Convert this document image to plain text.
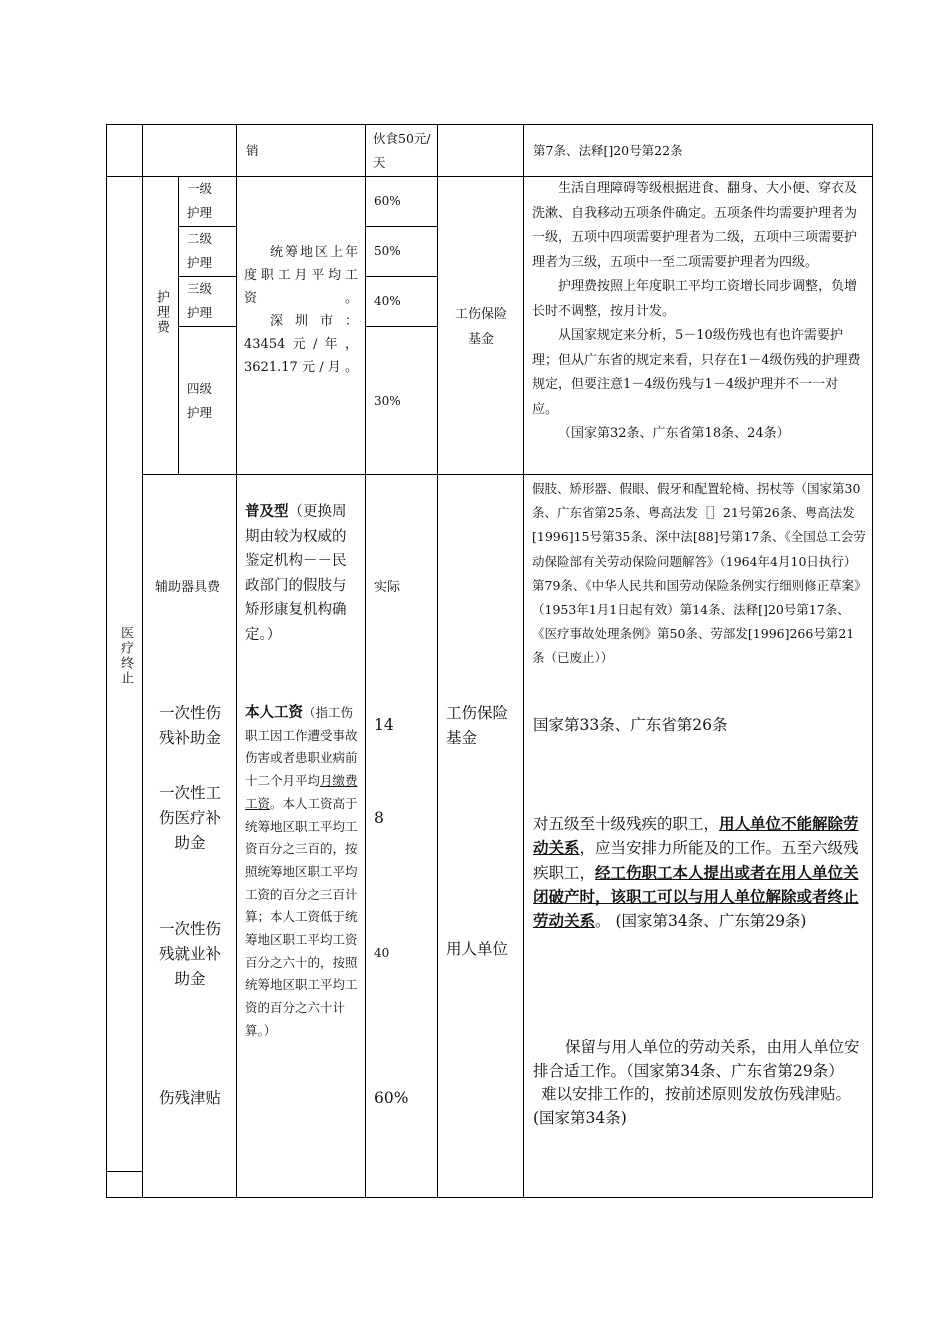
销
伙食50元/天
第7条、法释[]20号第22条
医疗终止
护理费
一级护理
二级护理
三级护理
四级护理

统筹地区上年度职工月平均工资。

深圳市：43454元/年，3621.17元/月。

60%
50%
40%
30%
工伤保险基金

生活自理障碍等级根据进食、翻身、大小便、穿衣及洗漱、自我移动五项条件确定。五项条件均需要护理者为一级，五项中四项需要护理者为二级，五项中三项需要护理者为三级，五项中一至二项需要护理者为四级。

护理费按照上年度职工平均工资增长同步调整，负增长时不调整，按月计发。

从国家规定来分析，5－10级伤残也有也许需要护理；但从广东省的规定来看，只存在1－4级伤残的护理费规定，但要注意1－4级伤残与1－4级护理并不一一对应。

（国家第32条、广东省第18条、24条）

辅助器具费
普及型（更换周期由较为权威的鉴定机构－－民政部门的假肢与矫形康复机构确定。）
实际
假肢、矫形器、假眼、假牙和配置轮椅、拐杖等（国家第30条、广东省第25条、粤高法发［］21号第26条、粤高法发[1996]15号第35条、深中法[88]号第17条、《全国总工会劳动保险部有关劳动保险问题解答》（1964年4月10日执行）第79条、《中华人民共和国劳动保险条例实行细则修正草案》（1953年1月1日起有效）第14条、法释[]20号第17条、《医疗事故处理条例》第50条、劳部发[1996]266号第21条（已废止））
一次性伤残补助金
14
工伤保险基金
国家第33条、广东省第26条
本人工资（指工伤职工因工作遭受事故伤害或者患职业病前十二个月平均月缴费工资。本人工资高于统筹地区职工平均工资百分之三百的，按照统筹地区职工平均工资的百分之三百计算；本人工资低于统筹地区职工平均工资百分之六十的，按照统筹地区职工平均工资的百分之六十计算。）
一次性工伤医疗补助金
8
一次性伤残就业补助金
40	用人单位
对五级至十级残疾的职工，用人单位不能解除劳动关系，应当安排力所能及的工作。五至六级残疾职工，经工伤职工本人提出或者在用人单位关闭破产时，该职工可以与用人单位解除或者终止劳动关系。 (国家第34条、广东第29条)
伤残津贴	60%

保留与用人单位的劳动关系，由用人单位安排合适工作。（国家第34条、广东省第29条）

难以安排工作的，按前述原则发放伤残津贴。(国家第34条)
